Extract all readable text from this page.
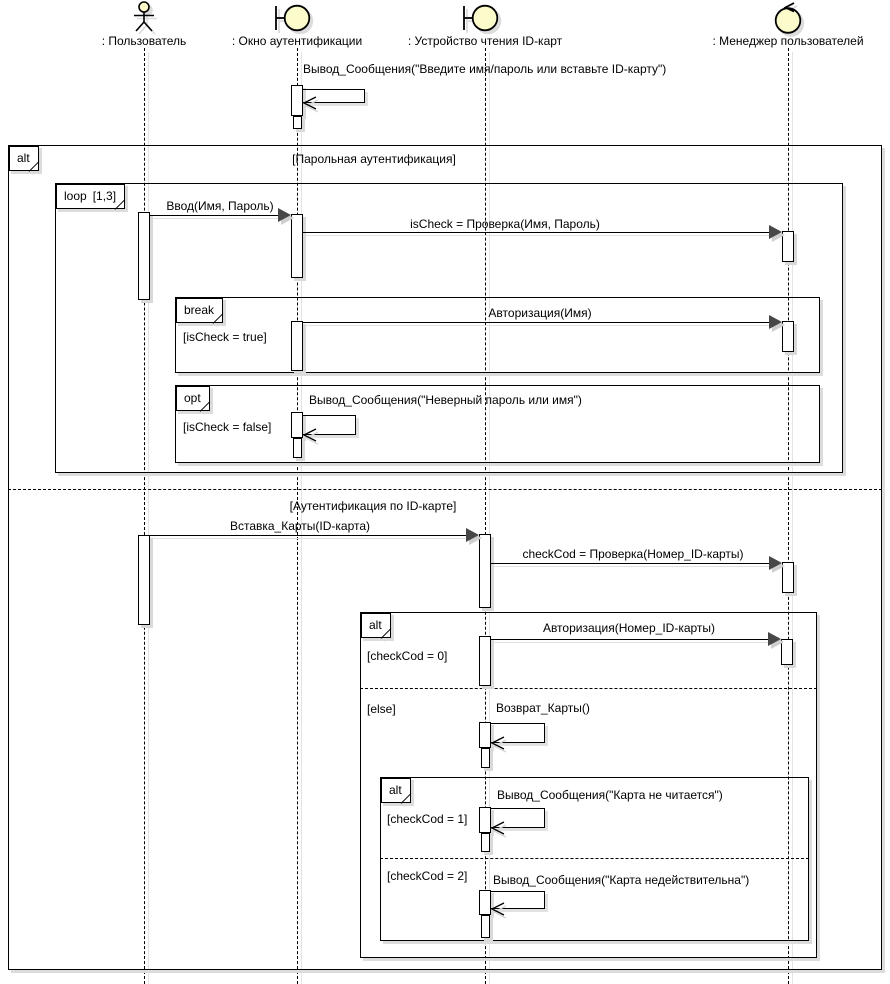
[Парольная аутентификация]
[Аутентификация по ID-карте]
[isCheck = true]
[isCheck = false]
[checkCod = 0]
[else]
[checkCod = 1]
[checkCod = 2]
alt
loop [1,3]
break
opt
alt
alt
Вывод_Сообщения("Введите имя/пароль или вставьте ID-карту")
Ввод(Имя, Пароль)
isCheck = Проверка(Имя, Пароль)
Авторизация(Имя)
Вывод_Сообщения("Неверный пароль или имя")
Вставка_Карты(ID-карта)
checkCod = Проверка(Номер_ID-карты)
Авторизация(Номер_ID-карты)
Возврат_Карты()
Вывод_Сообщения("Карта не читается")
Вывод_Сообщения("Карта недействительна")
: Пользователь	: Окно аутентификации	: Устройство чтения ID-карт	: Менеджер пользователей
